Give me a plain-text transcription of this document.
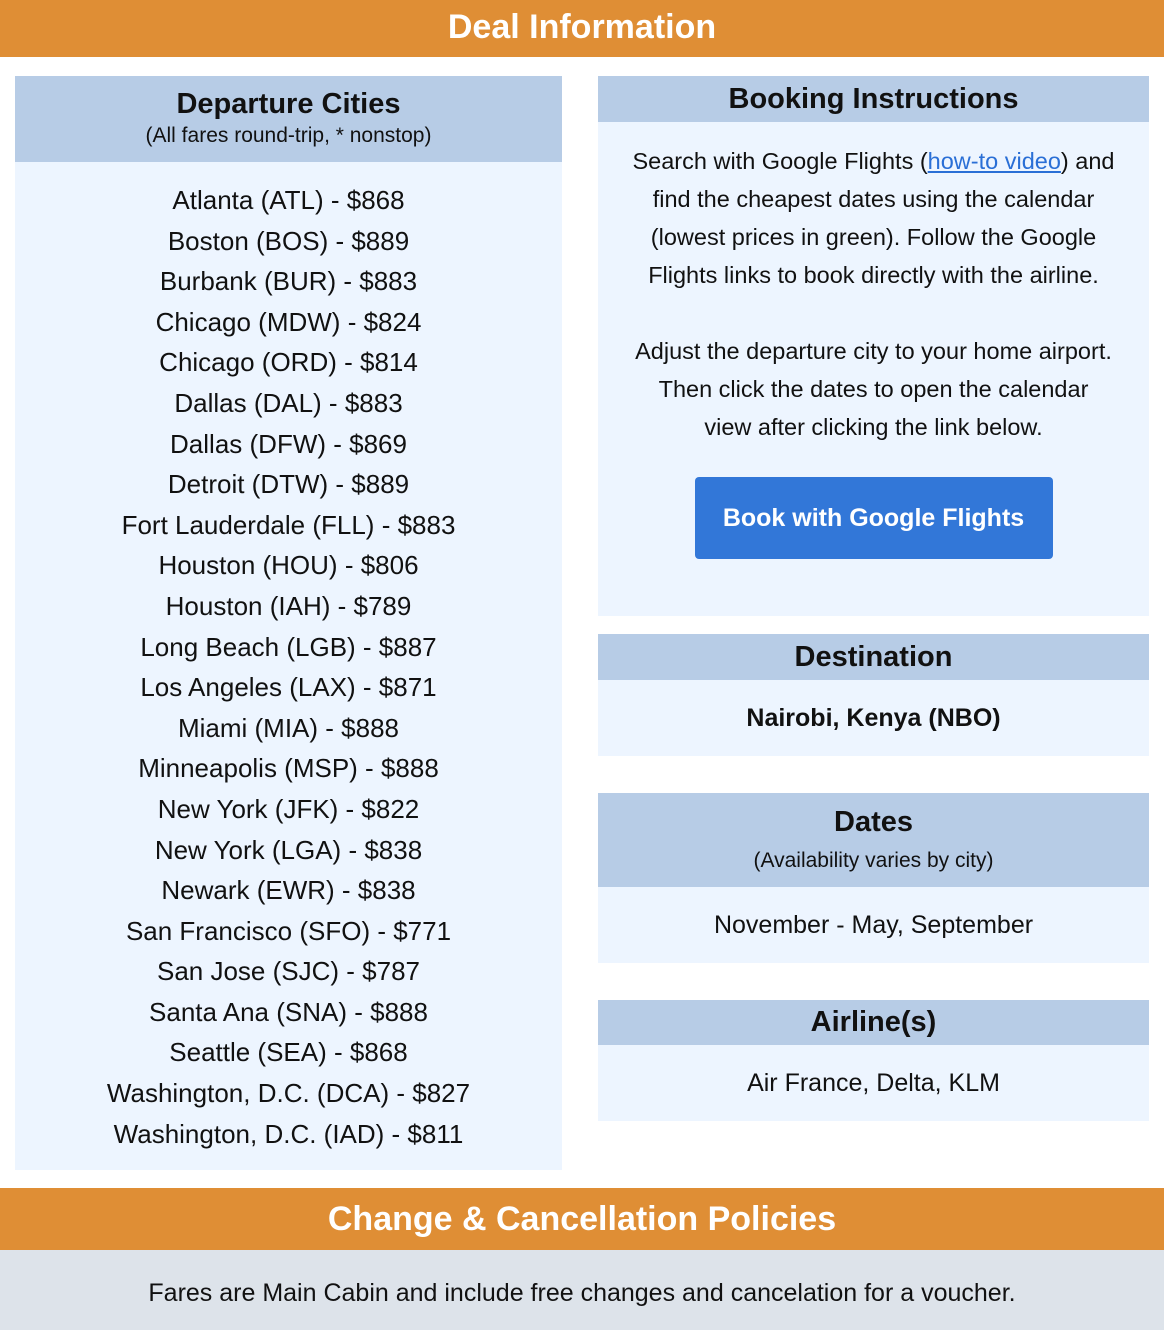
Deal Information
Departure Cities
(All fares round-trip, * nonstop)
Atlanta (ATL) - $868
Boston (BOS) - $889
Burbank (BUR) - $883
Chicago (MDW) - $824
Chicago (ORD) - $814
Dallas (DAL) - $883
Dallas (DFW) - $869
Detroit (DTW) - $889
Fort Lauderdale (FLL) - $883
Houston (HOU) - $806
Houston (IAH) - $789
Long Beach (LGB) - $887
Los Angeles (LAX) - $871
Miami (MIA) - $888
Minneapolis (MSP) - $888
New York (JFK) - $822
New York (LGA) - $838
Newark (EWR) - $838
San Francisco (SFO) - $771
San Jose (SJC) - $787
Santa Ana (SNA) - $888
Seattle (SEA) - $868
Washington, D.C. (DCA) - $827
Washington, D.C. (IAD) - $811
Booking Instructions

Search with Google Flights (how-to video) and find the cheapest dates using the calendar (lowest prices in green). Follow the Google Flights links to book directly with the airline.

Adjust the departure city to your home airport. Then click the dates to open the calendar view after clicking the link below.

Book with Google Flights
Destination
Nairobi, Kenya (NBO)
Dates
(Availability varies by city)
November - May, September
Airline(s)
Air France, Delta, KLM
Change & Cancellation Policies
Fares are Main Cabin and include free changes and cancelation for a voucher.
